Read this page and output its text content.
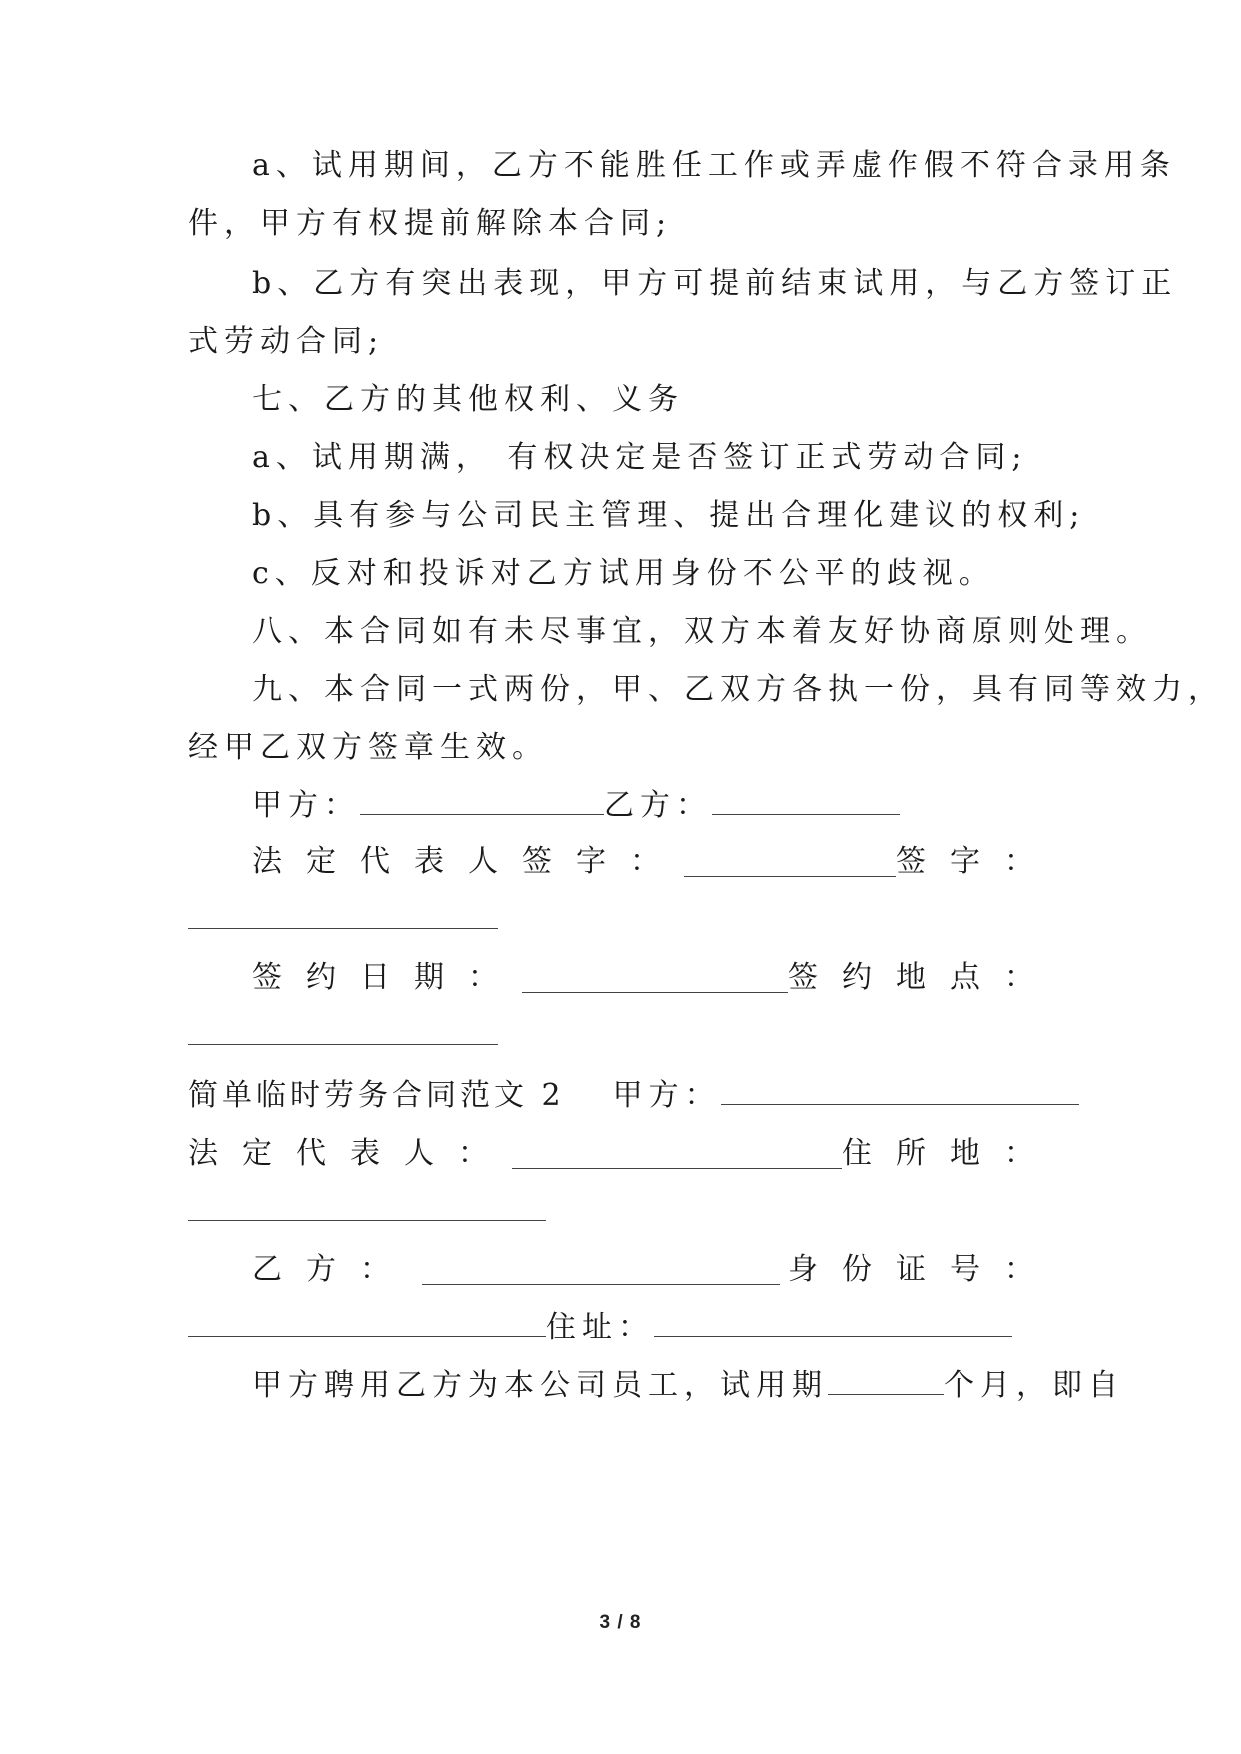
a、试用期间，乙方不能胜任工作或弄虚作假不符合录用条
件，甲方有权提前解除本合同;
b、乙方有突出表现，甲方可提前结束试用，与乙方签订正
式劳动合同;
七、乙方的其他权利、义务
a、试用期满， 有权决定是否签订正式劳动合同;
b、具有参与公司民主管理、提出合理化建议的权利;
c、反对和投诉对乙方试用身份不公平的歧视。
八、本合同如有未尽事宜，双方本着友好协商原则处理。
九、本合同一式两份，甲、乙双方各执一份，具有同等效力，
经甲乙双方签章生效。
甲方：	乙方：
法定代表人签字：	签字：
签约日期：	签约地点：
简单临时劳务合同范文 2 甲方：
法定代表人：	住所地：
乙方：	身份证号：
住址：
甲方聘用乙方为本公司员工，试用期	个月，即自
3 / 8
